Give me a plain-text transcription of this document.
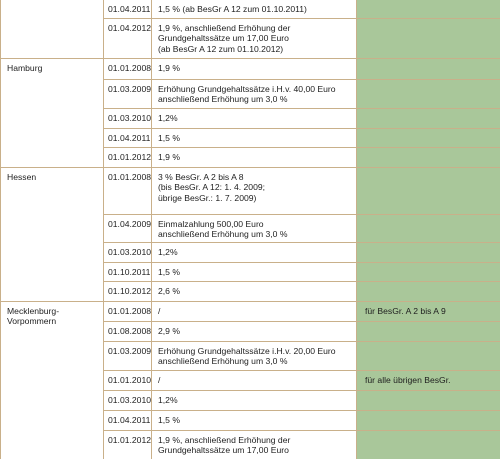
01.04.2011 1,5 % (ab BesGr A 12 zum 01.10.2011)
01.04.2012 1,9 %, anschließend Erhöhung der
Grundgehaltssätze um 17,00 Euro
(ab BesGr A 12 zum 01.10.2012)
Hamburg	01.01.2008 1,9 %
01.03.2009 Erhöhung Grundgehaltssätze i.H.v. 40,00 Euro
anschließend Erhöhung um 3,0 %
01.03.2010 1,2%
01.04.2011 1,5 %
01.01.2012 1,9 %
Hessen	01.01.2008 3 % BesGr. A 2 bis A 8
(bis BesGr. A 12: 1. 4. 2009;
übrige BesGr.: 1. 7. 2009)
01.04.2009 Einmalzahlung 500,00 Euro
anschließend Erhöhung um 3,0 %
01.03.2010 1,2%
01.10.2011 1,5 %
01.10.2012 2,6 %
Mecklenburg-
Vorpommern
01.01.2008 /	für BesGr. A 2 bis A 9
01.08.2008 2,9 %
01.03.2009 Erhöhung Grundgehaltssätze i.H.v. 20,00 Euro
anschließend Erhöhung um 3,0 %
01.01.2010 /	für alle übrigen BesGr.
01.03.2010 1,2%
01.04.2011 1,5 %
01.01.2012 1,9 %, anschließend Erhöhung der
Grundgehaltssätze um 17,00 Euro
